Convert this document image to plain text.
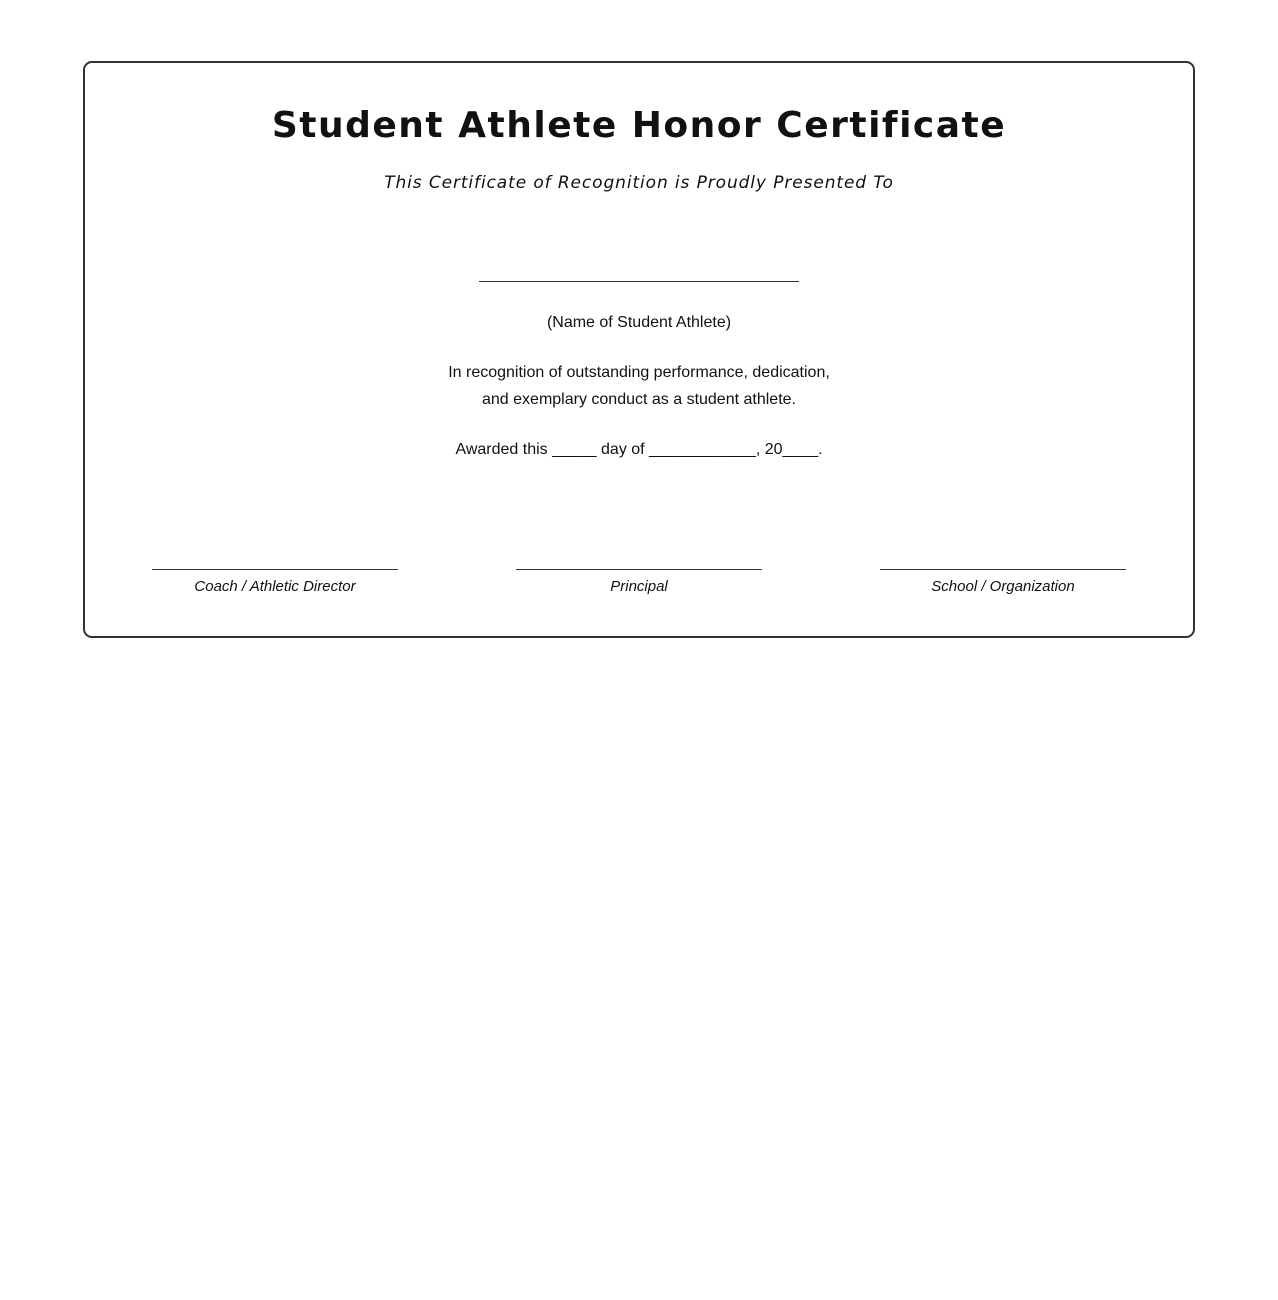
Student Athlete Honor Certificate
This Certificate of Recognition is Proudly Presented To
(Name of Student Athlete)
In recognition of outstanding performance, dedication,
and exemplary conduct as a student athlete.
Awarded this _____ day of ____________, 20____.
Coach / Athletic Director	Principal	School / Organization
